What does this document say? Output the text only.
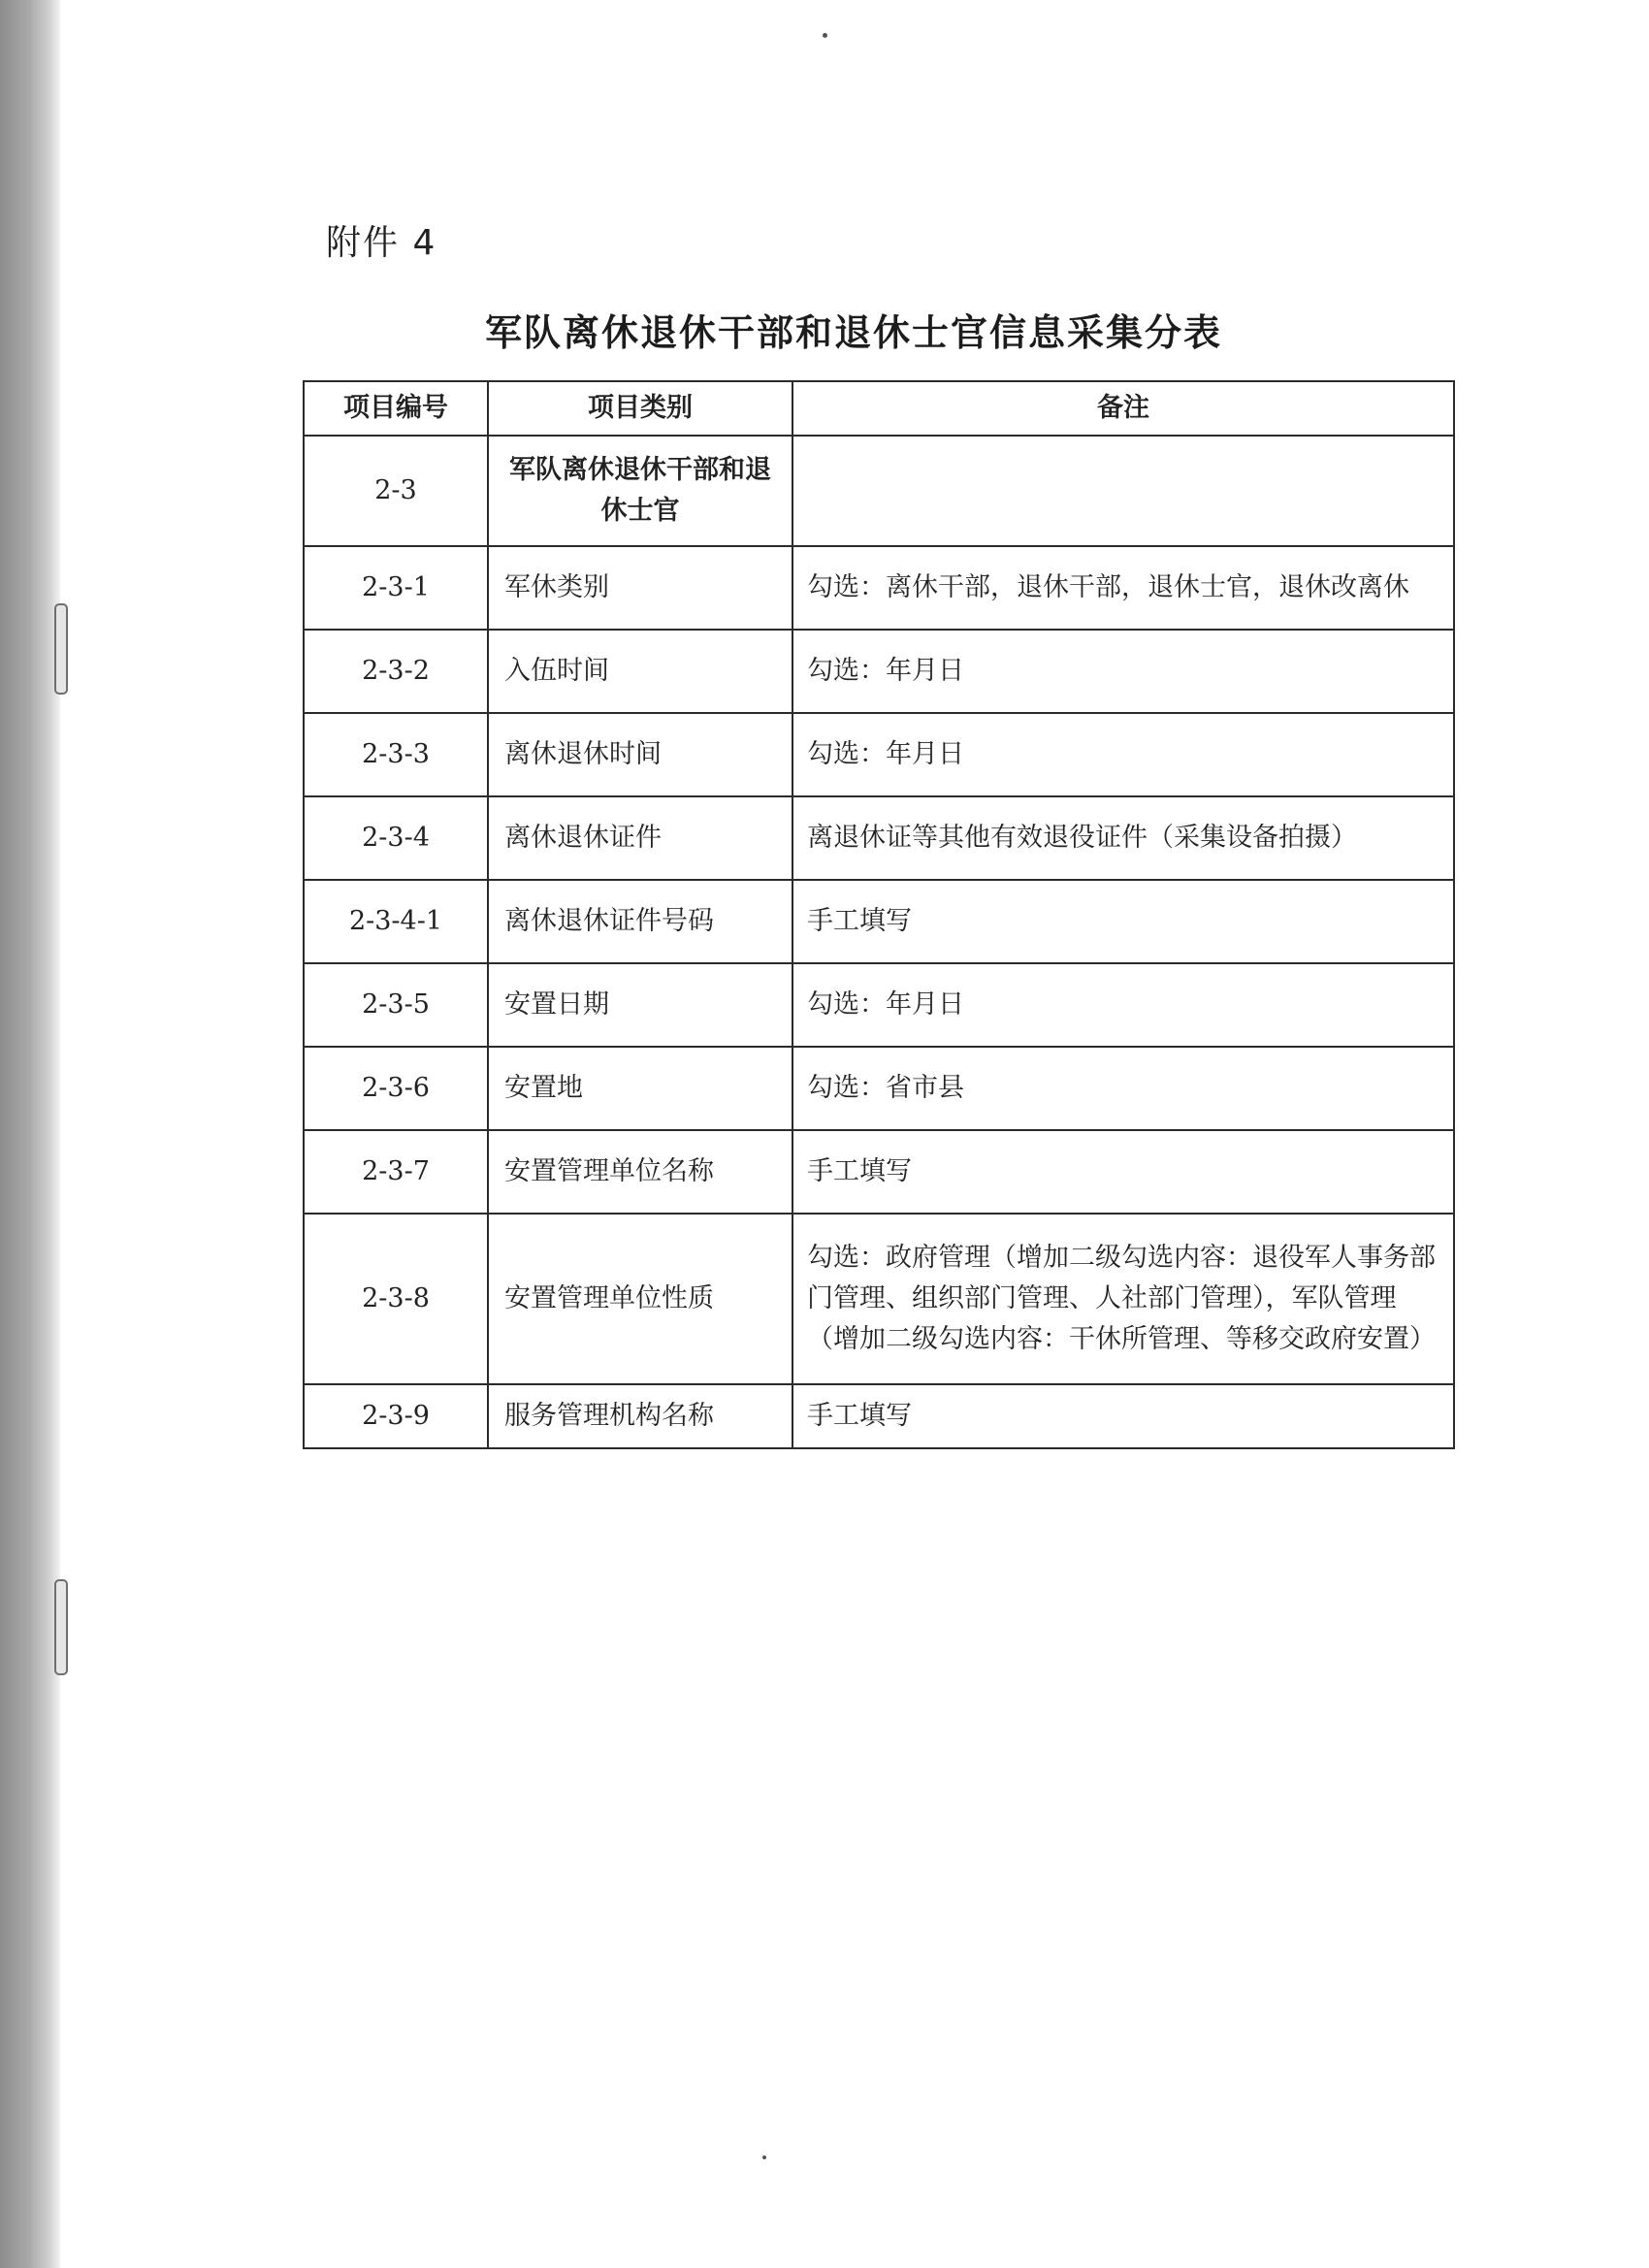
附件 4
军队离休退休干部和退休士官信息采集分表
项目编号	项目类别	备注
2-3	军队离休退休干部和退休士官	
2-3-1	军休类别	勾选：离休干部，退休干部，退休士官，退休改离休
2-3-2	入伍时间	勾选：年月日
2-3-3	离休退休时间	勾选：年月日
2-3-4	离休退休证件	离退休证等其他有效退役证件（采集设备拍摄）
2-3-4-1	离休退休证件号码	手工填写
2-3-5	安置日期	勾选：年月日
2-3-6	安置地	勾选：省市县
2-3-7	安置管理单位名称	手工填写
2-3-8	安置管理单位性质	勾选：政府管理（增加二级勾选内容：退役军人事务部门管理、组织部门管理、人社部门管理），军队管理（增加二级勾选内容：干休所管理、等移交政府安置）
2-3-9	服务管理机构名称	手工填写
